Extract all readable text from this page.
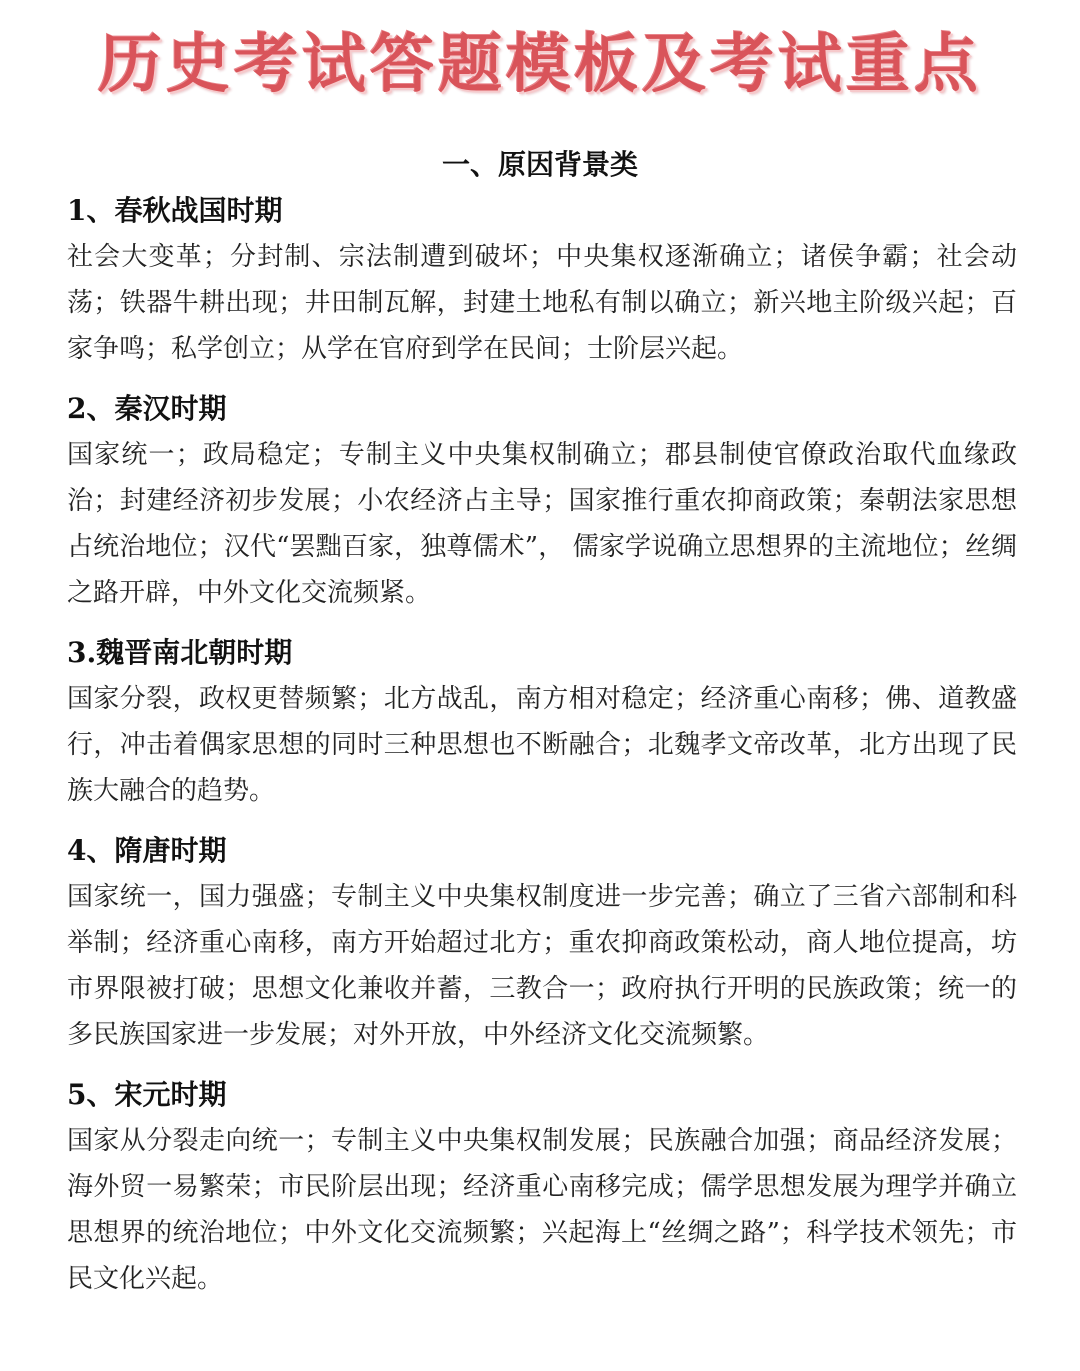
历史考试答题模板及考试重点
一、原因背景类
1、春秋战国时期
社会大变革；分封制、宗法制遭到破坏；中央集权逐渐确立；诸侯争霸；社会动荡；铁器牛耕出现；井田制瓦解，封建土地私有制以确立；新兴地主阶级兴起；百家争鸣；私学创立；从学在官府到学在民间；士阶层兴起。
2、秦汉时期
国家统一；政局稳定；专制主义中央集权制确立；郡县制使官僚政治取代血缘政治；封建经济初步发展；小农经济占主导；国家推行重农抑商政策；秦朝法家思想占统治地位；汉代“罢黜百家，独尊儒术”， 儒家学说确立思想界的主流地位；丝绸之路开辟，中外文化交流频紧。
3.魏晋南北朝时期
国家分裂，政权更替频繁；北方战乱，南方相对稳定；经济重心南移；佛、道教盛行，冲击着偶家思想的同时三种思想也不断融合；北魏孝文帝改革，北方出现了民族大融合的趋势。
4、隋唐时期
国家统一，国力强盛；专制主义中央集权制度进一步完善；确立了三省六部制和科举制；经济重心南移，南方开始超过北方；重农抑商政策松动，商人地位提高，坊市界限被打破；思想文化兼收并蓄，三教合一；政府执行开明的民族政策；统一的多民族国家进一步发展；对外开放，中外经济文化交流频繁。
5、宋元时期
国家从分裂走向统一；专制主义中央集权制发展；民族融合加强；商品经济发展；海外贸一易繁荣；市民阶层出现；经济重心南移完成；儒学思想发展为理学并确立思想界的统治地位；中外文化交流频繁；兴起海上“丝绸之路”；科学技术领先；市民文化兴起。
